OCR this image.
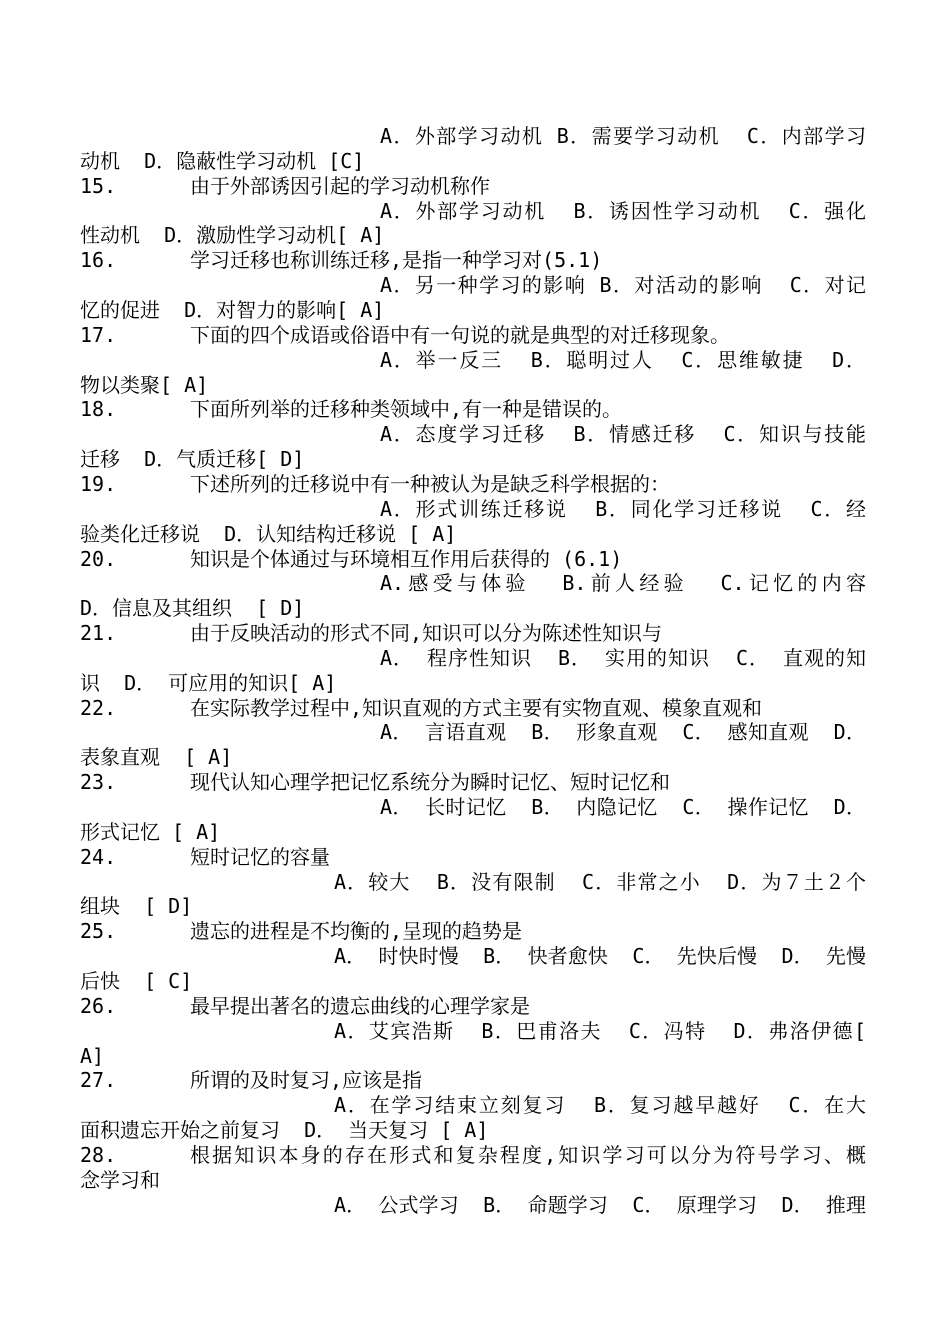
A．外部学习动机 B．需要学习动机  C．内部学习
动机  D．隐蔽性学习动机 [C]
15.	由于外部诱因引起的学习动机称作
A．外部学习动机  B．诱因性学习动机  C．强化
性动机  D．激励性学习动机[ A]
16.	学习迁移也称训练迁移,是指一种学习对(5.1)
A．另一种学习的影响 B．对活动的影响  C．对记
忆的促进  D．对智力的影响[ A]
17.	下面的四个成语或俗语中有一句说的就是典型的对迁移现象。
A．举一反三  B．聪明过人  C．思维敏捷  D．
物以类聚[ A]
18.	下面所列举的迁移种类领域中,有一种是错误的。
A．态度学习迁移  B．情感迁移  C．知识与技能
迁移  D．气质迁移[ D]
19.	下述所列的迁移说中有一种被认为是缺乏科学根据的：
A．形式训练迁移说  B．同化学习迁移说  C．经
验类化迁移说  D．认知结构迁移说 [ A]
20.	知识是个体通过与环境相互作用后获得的 (6.1)
A.感受与体验  B.前人经验  C.记忆的内容
D．信息及其组织  [ D]
21.	由于反映活动的形式不同,知识可以分为陈述性知识与
A． 程序性知识  B． 实用的知识  C． 直观的知
识  D． 可应用的知识[ A]
22.	在实际教学过程中,知识直观的方式主要有实物直观、模象直观和
A． 言语直观  B． 形象直观  C． 感知直观  D．
表象直观  [ A]
23.	现代认知心理学把记忆系统分为瞬时记忆、短时记忆和
A． 长时记忆  B． 内隐记忆  C． 操作记忆  D．
形式记忆 [ A]
24.	短时记忆的容量
A．较大  B．没有限制  C．非常之小  D．为７土２个
组块  [ D]
25.	遗忘的进程是不均衡的,呈现的趋势是
A． 时快时慢  B． 快者愈快  C． 先快后慢  D． 先慢
后快  [ C]
26.	最早提出著名的遗忘曲线的心理学家是
A．艾宾浩斯  B．巴甫洛夫  C．冯特  D．弗洛伊德[
A]
27.	所谓的及时复习,应该是指
A．在学习结束立刻复习  B．复习越早越好  C．在大
面积遗忘开始之前复习  D． 当天复习 [ A]
28.	根据知识本身的存在形式和复杂程度,知识学习可以分为符号学习、概
念学习和
A． 公式学习  B． 命题学习  C． 原理学习  D． 推理
